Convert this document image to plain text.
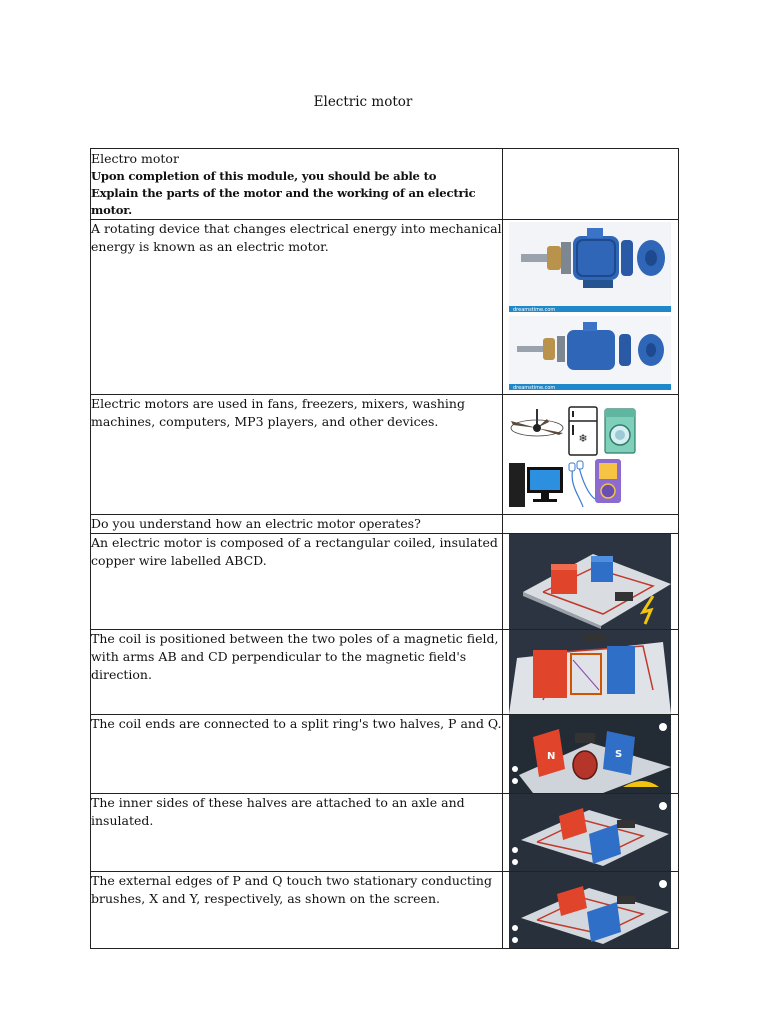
Electric motor
Electro motor
Upon completion of this module, you should be able to
Explain the parts of the motor and the working of an electric motor.	

A rotating device that changes electrical energy into mechanical energy is known as an electric motor.	dreamstime.com
dreamstime.com

Electric motors are used in fans, freezers, mixers, washing machines, computers, MP3 players, and other devices.	❄

Do you understand how an electric motor operates?	
An electric motor is composed of a rectangular coiled, insulated copper wire labelled ABCD.	

The coil is positioned between the two poles of a magnetic field, with arms AB and CD perpendicular to the magnetic field's direction.	

The coil ends are connected to a split ring's two halves, P and Q.	N S

The inner sides of these halves are attached to an axle and insulated.	

The external edges of P and Q touch two stationary conducting brushes, X and Y, respectively, as shown on the screen.	
